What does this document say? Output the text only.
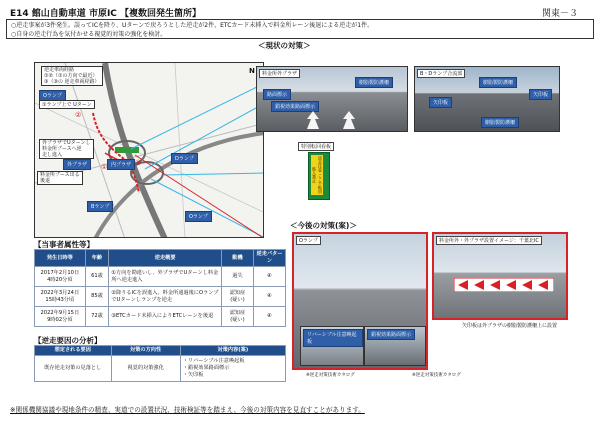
E14 館山自動車道 市原IC 【複数回発生箇所】	関東－３
○逆走事案が3件発生。誤ってICを降り、Uターンで戻ろうとした逆走が2件、ETCカード未挿入で料金所レーン後退による逆走が1件。
○自身の逆走行為を気付かせる視覚的対策の強化を検討。
逆走車両経路
①②（①の方向で最近）
③（③の 逆走車両経路）
Oランプ
①ランプ上で Uターン
②
①	③
外プラザでUターンし
料金所ブースへ逆
走し進入
外プラザ
料金所ブース出る
後退
内プラザ
Dランプ
Bランプ
Oランプ
N
＜現状の対策＞
料金所外プラザ
樹脂製防護柵
路面標示
錯視効果路面標示
B・Dランプ合流部
樹脂製防護柵
矢印板
矢印板
樹脂製防護柵
特別転回看板
逆走注意 ここで転回 進入禁止
＜今後の対策(案)＞
Oランプ
リバーシブル注意喚起板
錯視効果路面標示
※逆走対策技術カタログ	※逆走対策技術カタログ
料金所外・外プラザ設置イメージ：千葉北IC
矢印板は外プラザの樹脂製防護柵上に設置
【当事者属性等】
発生日時等	年齢	逆走概要	動機	逆走パターン
2017年2月10日
4時20分頃	61歳	①方向を勘違いし、外プラザでUターンし料金所へ逆走進入	過失	④
2022年3月24日
15時43分頃	85歳	②降りるICを誤進入、料金所通過後にOランプでUターンしランプを逆走	認知症
(疑い)	④
2022年9月15日
9時02分頃	72歳	③ETCカード未挿入によりETCレーンを後退	認知症
(疑い)	④
【逆走要因の分析】
想定される要因	対策の方向性	対策内容(案)
既存逆走対策の見落とし	視覚的対策強化	・リバーシブル注意喚起板
・錯視効果路面標示
・矢印板
※関係機関協議や現地条件の精査、実道での設置状況、技術検証等を踏まえ、今後の対策内容を見直すことがあります。
